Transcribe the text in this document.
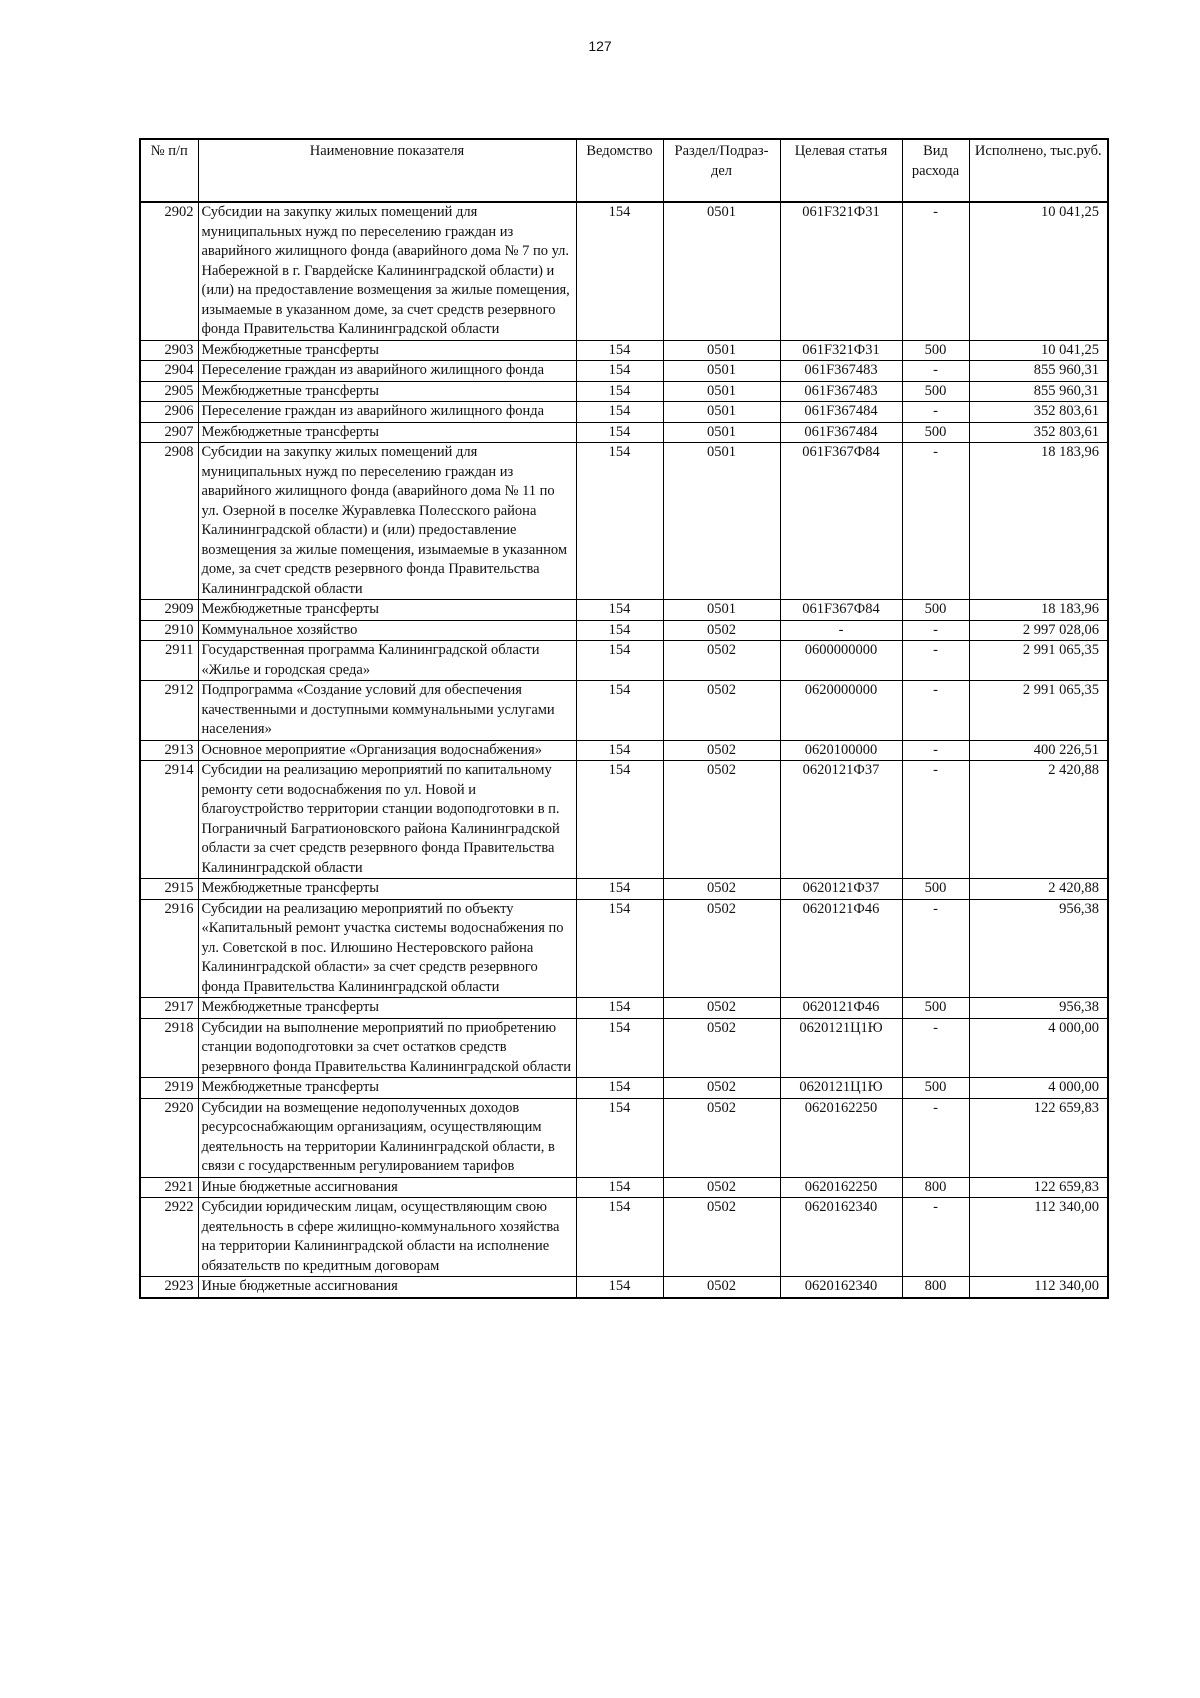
127
№ п/п	Наименовние показателя	Ведомство	Раздел/Подраз-дел	Целевая статья	Вид расхода	Исполнено, тыс.руб.
2902	Субсидии на закупку жилых помещений для муниципальных нужд по переселению граждан из аварийного жилищного фонда (аварийного дома № 7 по ул. Набережной в г. Гвардейске Калининградской области) и (или) на предоставление возмещения за жилые помещения, изымаемые в указанном доме, за счет средств резервного фонда Правительства Калининградской области	154	0501	061F321Ф31	-	10 041,25
2903	Межбюджетные трансферты	154	0501	061F321Ф31	500	10 041,25
2904	Переселение граждан из аварийного жилищного фонда	154	0501	061F367483	-	855 960,31
2905	Межбюджетные трансферты	154	0501	061F367483	500	855 960,31
2906	Переселение граждан из аварийного жилищного фонда	154	0501	061F367484	-	352 803,61
2907	Межбюджетные трансферты	154	0501	061F367484	500	352 803,61
2908	Субсидии на закупку жилых помещений для муниципальных нужд по переселению граждан из аварийного жилищного фонда (аварийного дома № 11 по ул. Озерной в поселке Журавлевка Полесского района Калининградской области) и (или) предоставление возмещения за жилые помещения, изымаемые в указанном доме, за счет средств резервного фонда Правительства Калининградской области	154	0501	061F367Ф84	-	18 183,96
2909	Межбюджетные трансферты	154	0501	061F367Ф84	500	18 183,96
2910	Коммунальное хозяйство	154	0502	-	-	2 997 028,06
2911	Государственная программа Калининградской области «Жилье и городская среда»	154	0502	0600000000	-	2 991 065,35
2912	Подпрограмма «Создание условий для обеспечения качественными и доступными коммунальными услугами населения»	154	0502	0620000000	-	2 991 065,35
2913	Основное мероприятие «Организация водоснабжения»	154	0502	0620100000	-	400 226,51
2914	Субсидии на реализацию мероприятий по капитальному ремонту сети водоснабжения по ул. Новой и благоустройство территории станции водоподготовки в п. Пограничный Багратионовского района Калининградской области за счет средств резервного фонда Правительства Калининградской области	154	0502	0620121Ф37	-	2 420,88
2915	Межбюджетные трансферты	154	0502	0620121Ф37	500	2 420,88
2916	Субсидии на реализацию мероприятий по объекту «Капитальный ремонт участка системы водоснабжения по ул. Советской в пос. Илюшино Нестеровского района Калининградской области» за счет средств резервного фонда Правительства Калининградской области	154	0502	0620121Ф46	-	956,38
2917	Межбюджетные трансферты	154	0502	0620121Ф46	500	956,38
2918	Субсидии на выполнение мероприятий по приобретению станции водоподготовки за счет остатков средств резервного фонда Правительства Калининградской области	154	0502	0620121Ц1Ю	-	4 000,00
2919	Межбюджетные трансферты	154	0502	0620121Ц1Ю	500	4 000,00
2920	Субсидии на возмещение недополученных доходов ресурсоснабжающим организациям, осуществляющим деятельность на территории Калининградской области, в связи с государственным регулированием тарифов	154	0502	0620162250	-	122 659,83
2921	Иные бюджетные ассигнования	154	0502	0620162250	800	122 659,83
2922	Субсидии юридическим лицам, осуществляющим свою деятельность в сфере жилищно-коммунального хозяйства на территории Калининградской области на исполнение обязательств по кредитным договорам	154	0502	0620162340	-	112 340,00
2923	Иные бюджетные ассигнования	154	0502	0620162340	800	112 340,00
